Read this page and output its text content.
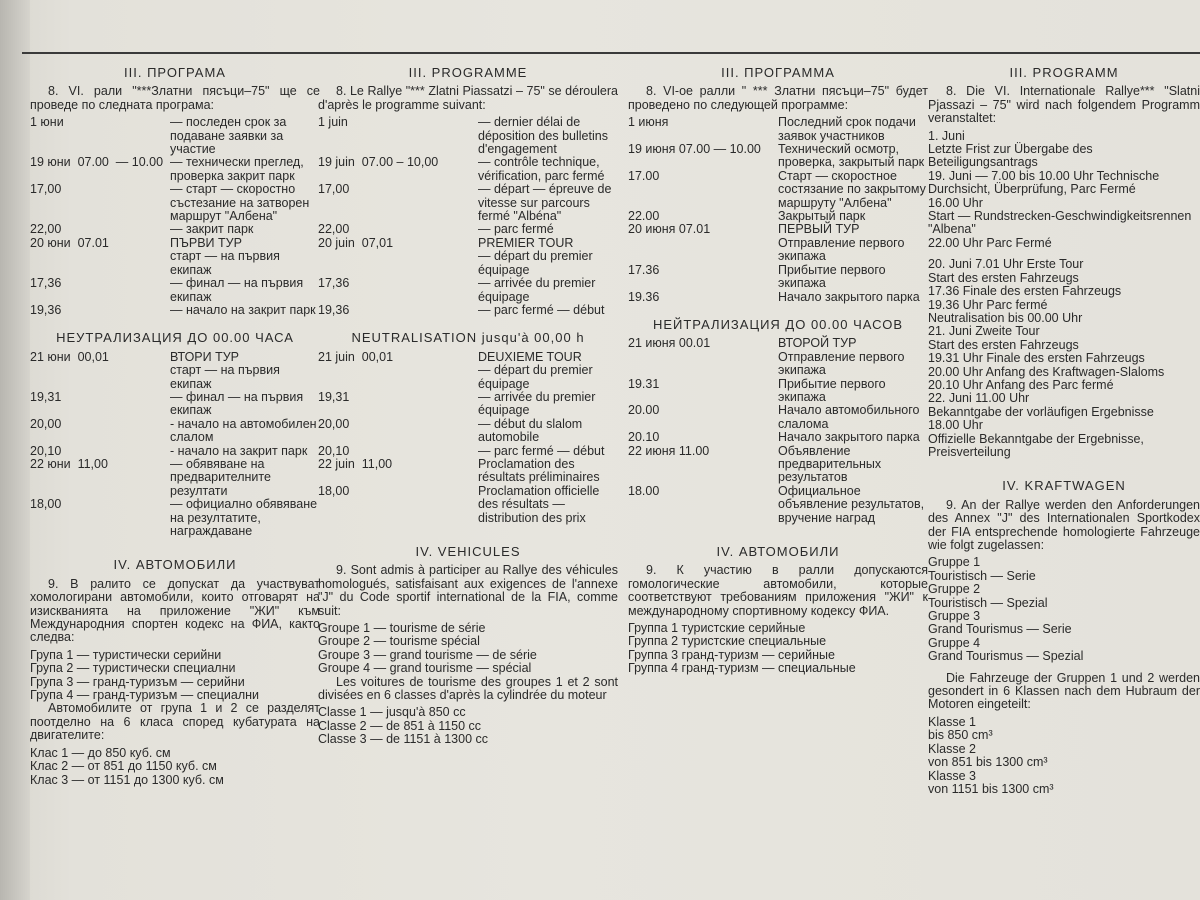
III. ПРОГРАМА
8. VI. рали "***Златни пясъци–75" ще се проведе по следната програма:
1 юни	— последен срок за подаване заявки за участие
19 юни  07.00  — 10.00 — технически преглед, проверка закрит парк
17,00	— старт — скоростно състезание на затворен маршрут "Албена"
22,00	— закрит парк
20 юни  07.01	ПЪРВИ ТУР
старт — на първия екипаж
17,36	— финал — на първия екипаж
19,36	— начало на закрит парк
НЕУТРАЛИЗАЦИЯ ДО 00.00 ЧАСА
21 юни  00,01	ВТОРИ ТУР
старт — на първия екипаж
19,31	— финал — на първия екипаж
20,00	- начало на автомобилен слалом
20,10	- начало на закрит парк
22 юни  11,00	— обявяване на предварителните резултати
18,00	— официално обявяване на резултатите, награждаване
IV. АВТОМОБИЛИ
9. В ралито се допускат да участвуват хомологирани автомобили, които отговарят на изискванията на приложение "ЖИ" към Международния спортен кодекс на ФИА, както следва:
Група 1 — туристически серийни
Група 2 — туристически специални
Група 3 — гранд-туризъм — серийни
Група 4 — гранд-туризъм — специални
Автомобилите от група 1 и 2 се разделят поотделно на 6 класа според кубатурата на двигателите:
Клас 1 — до 850 куб. см
Клас 2 — от 851 до 1150 куб. см
Клас 3 — от 1151 до 1300 куб. см
III. PROGRAMME
8. Le Rallye "*** Zlatni Piassatzi – 75" se déroulera d'après le programme suivant:
1 juin	— dernier délai de déposition des bulletins d'engagement
19 juin  07.00 – 10,00	— contrôle technique, vérification, parc fermé
17,00	— départ — épreuve de vitesse sur parcours fermé "Albéna"
22,00	— parc fermé
20 juin  07,01	PREMIER TOUR
— départ du premier équipage
17,36	— arrivée du premier équipage
19,36	— parc fermé — début
NEUTRALISATION jusqu'à 00,00 h
21 juin  00,01	DEUXIEME TOUR
— départ du premier équipage
19,31	— arrivée du premier équipage
20,00	— début du slalom automobile
20,10	— parc fermé — début
22 juin  11,00	Proclamation des résultats préliminaires
18,00	Proclamation officielle des résultats — distribution des prix
IV. VEHICULES
9. Sont admis à participer au Rallye des véhicules homologués, satisfaisant aux exigences de l'annexe "J" du Code sportif international de la FIA, comme suit:
Groupe 1 — tourisme de série
Groupe 2 — tourisme spécial
Groupe 3 — grand tourisme — de série
Groupe 4 — grand tourisme — spécial
Les voitures de tourisme des groupes 1 et 2 sont divisées en 6 classes d'après la cylindrée du moteur
Classe 1 — jusqu'à 850 cc
Classe 2 — de 851 à 1150 cc
Classe 3 — de 1151 à 1300 cc
III. ПРОГРАММА
8. VI-ое ралли " *** Златни пясъци–75" будет проведено по следующей программе:
1 июня	Последний срок подачи заявок участников
19 июня 07.00 — 10.00	Технический осмотр, проверка, закрытый парк
17.00	Старт — скоростное состязание по закрытому маршруту "Албена"
22.00	Закрытый парк
20 июня 07.01	ПЕРВЫЙ ТУР
Отправление первого экипажа
17.36	Прибытие первого экипажа
19.36	Начало закрытого парка
НЕЙТРАЛИЗАЦИЯ ДО 00.00 ЧАСОВ
21 июня 00.01	ВТОРОЙ ТУР
Отправление первого экипажа
19.31	Прибытие первого экипажа
20.00	Начало автомобильного слалома
20.10	Начало закрытого парка
22 июня 11.00	Объявление предварительных результатов
18.00	Официальное объявление результатов, вручение наград
IV. АВТОМОБИЛИ
9. К участию в ралли допускаются гомологические автомобили, которые соответствуют требованиям приложения "ЖИ" к международному спортивному кодексу ФИА.
Группа 1 туристские серийные
Группа 2 туристские специальные
Группа 3 гранд-туризм — серийные
Группа 4 гранд-туризм — специальные
III. PROGRAMM
8. Die VI. Internationale Rallye*** "Slatni Pjassazi – 75" wird nach folgendem Programm veranstaltet:
1. Juni
Letzte Frist zur Übergabe des Beteiligungsantrags
19. Juni — 7.00 bis 10.00 Uhr Technische Durchsicht, Überprüfung, Parc Fermé
16.00 Uhr
Start — Rundstrecken-Geschwindigkeitsrennen "Albena"
22.00 Uhr Parc Fermé
20. Juni 7.01 Uhr Erste Tour
Start des ersten Fahrzeugs
17.36 Finale des ersten Fahrzeugs
19.36 Uhr Parc fermé
Neutralisation bis 00.00 Uhr
21. Juni Zweite Tour
Start des ersten Fahrzeugs
19.31 Uhr Finale des ersten Fahrzeugs
20.00 Uhr Anfang des Kraftwagen-Slaloms
20.10 Uhr Anfang des Parc fermé
22. Juni 11.00 Uhr
Bekanntgabe der vorläufigen Ergebnisse
18.00 Uhr
Offizielle Bekanntgabe der Ergebnisse, Preisverteilung
IV. KRAFTWAGEN
9. An der Rallye werden den Anforderungen des Annex "J" des Internationalen Sportkodex der FIA entsprechende homologierte Fahrzeuge wie folgt zugelassen:
Gruppe 1
Touristisch — Serie
Gruppe 2
Touristisch — Spezial
Gruppe 3
Grand Tourismus — Serie
Gruppe 4
Grand Tourismus — Spezial
Die Fahrzeuge der Gruppen 1 und 2 werden gesondert in 6 Klassen nach dem Hubraum der Motoren eingeteilt:
Klasse 1
bis 850 cm³
Klasse 2
von 851 bis 1300 cm³
Klasse 3
von 1151 bis 1300 cm³
